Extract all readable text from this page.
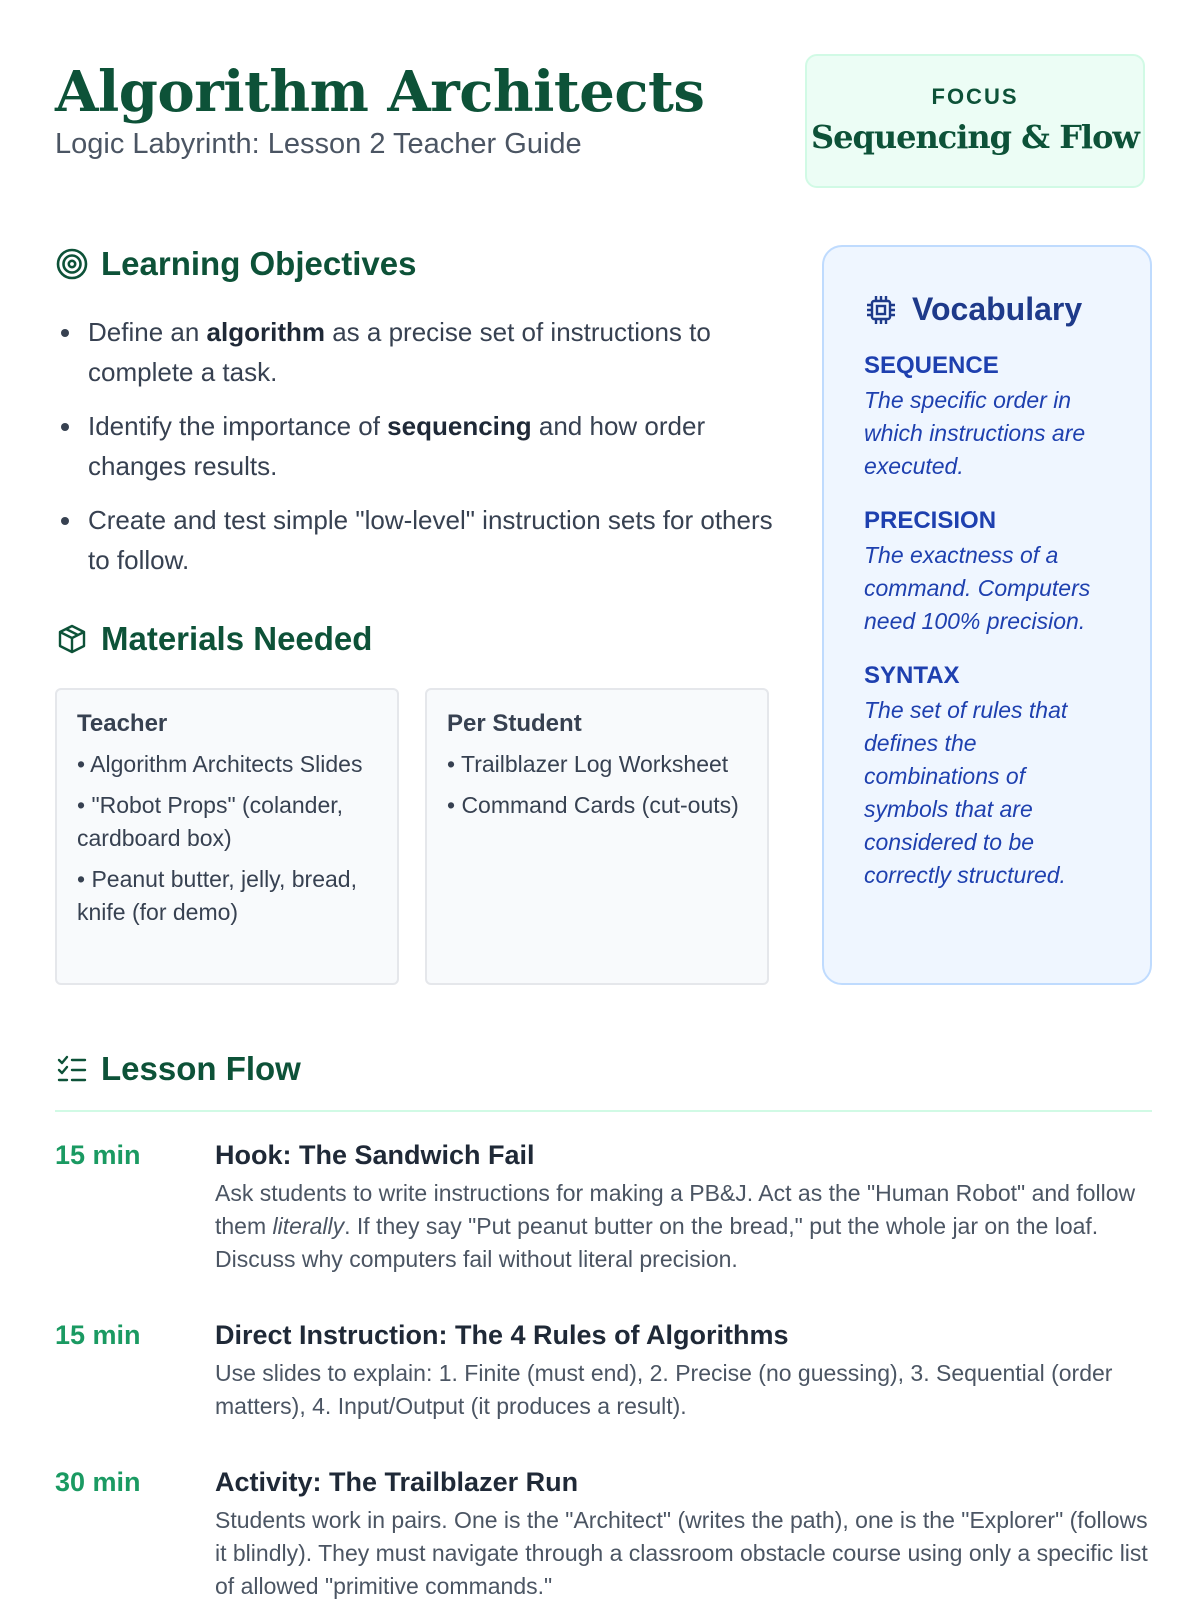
Algorithm Architects
Logic Labyrinth: Lesson 2 Teacher Guide
FOCUS
Sequencing & Flow
Learning Objectives
Define an algorithm as a precise set of instructions to complete a task.
Identify the importance of sequencing and how order changes results.
Create and test simple "low-level" instruction sets for others to follow.
Materials Needed
Teacher
• Algorithm Architects Slides
• "Robot Props" (colander, cardboard box)
• Peanut butter, jelly, bread, knife (for demo)
Per Student
• Trailblazer Log Worksheet
• Command Cards (cut-outs)
Vocabulary
SEQUENCE
The specific order in which instructions are executed.
PRECISION
The exactness of a command. Computers need 100% precision.
SYNTAX
The set of rules that defines the combinations of symbols that are considered to be correctly structured.
Lesson Flow
15 min	Hook: The Sandwich Fail
Ask students to write instructions for making a PB&J. Act as the "Human Robot" and follow them literally. If they say "Put peanut butter on the bread," put the whole jar on the loaf. Discuss why computers fail without literal precision.
15 min	Direct Instruction: The 4 Rules of Algorithms
Use slides to explain: 1. Finite (must end), 2. Precise (no guessing), 3. Sequential (order matters), 4. Input/Output (it produces a result).
30 min	Activity: The Trailblazer Run
Students work in pairs. One is the "Architect" (writes the path), one is the "Explorer" (follows it blindly). They must navigate through a classroom obstacle course using only a specific list of allowed "primitive commands."
